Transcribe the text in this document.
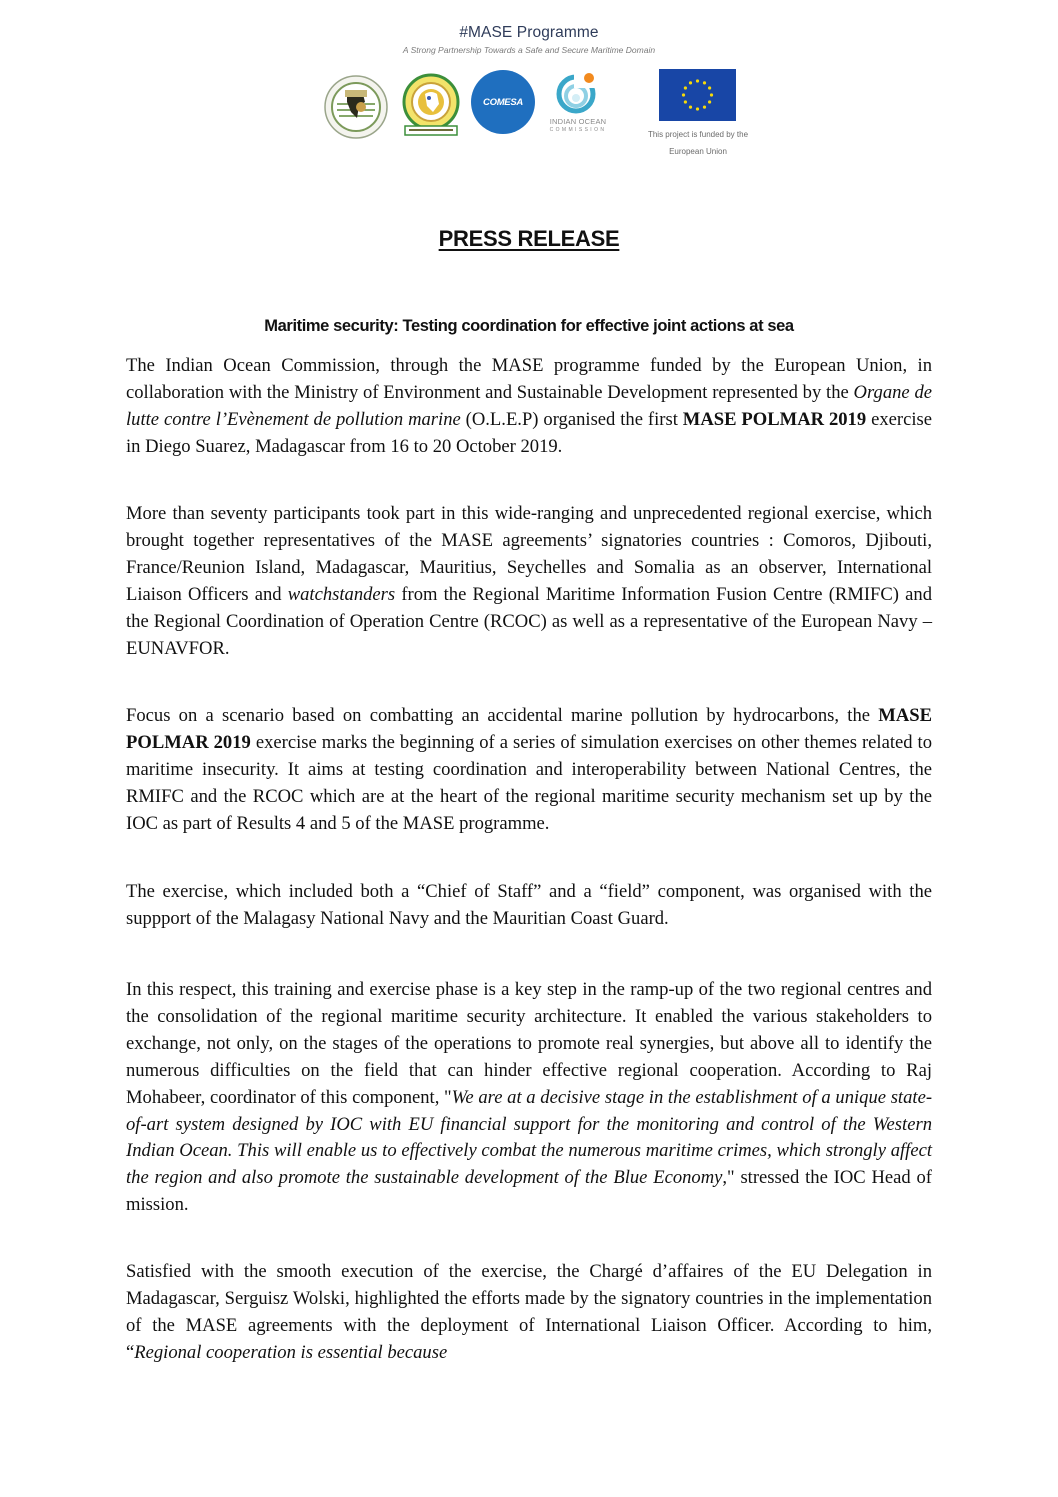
#MASE Programme
A Strong Partnership Towards a Safe and Secure Maritime Domain
COMESA
INDIAN OCEAN
COMMISSION	This project is funded by the
European Union
PRESS RELEASE
Maritime security: Testing coordination for effective joint actions at sea

The Indian Ocean Commission, through the MASE programme funded by the European Union, in collaboration with the Ministry of Environment and Sustainable Development represented by the Organe de lutte contre l’Evènement de pollution marine (O.L.E.P) organised the first MASE POLMAR 2019 exercise in Diego Suarez, Madagascar from 16 to 20 October 2019.

More than seventy participants took part in this wide-ranging and unprecedented regional exercise, which brought together representatives of the MASE agreements’ signatories countries : Comoros, Djibouti, France/Reunion Island, Madagascar, Mauritius, Seychelles and Somalia as an observer, International Liaison Officers and watchstanders from the Regional Maritime Information Fusion Centre (RMIFC) and the Regional Coordination of Operation Centre (RCOC) as well as a representative of the European Navy – EUNAVFOR.

Focus on a scenario based on combatting an accidental marine pollution by hydrocarbons, the MASE POLMAR 2019 exercise marks the beginning of a series of simulation exercises on other themes related to maritime insecurity. It aims at testing coordination and interoperability between National Centres, the RMIFC and the RCOC which are at the heart of the regional maritime security mechanism set up by the IOC as part of Results 4 and 5 of the MASE programme.

The exercise, which included both a “Chief of Staff” and a “field” component, was organised with the suppport of the Malagasy National Navy and the Mauritian Coast Guard.

In this respect, this training and exercise phase is a key step in the ramp-up of the two regional centres and the consolidation of the regional maritime security architecture. It enabled the various stakeholders to exchange, not only, on the stages of the operations to promote real synergies, but above all to identify the numerous difficulties on the field that can hinder effective regional cooperation. According to Raj Mohabeer, coordinator of this component, "We are at a decisive stage in the establishment of a unique state-of-art system designed by IOC with EU financial support for the monitoring and control of the Western Indian Ocean. This will enable us to effectively combat the numerous maritime crimes, which strongly affect the region and also promote the sustainable development of the Blue Economy," stressed the IOC Head of mission.

Satisfied with the smooth execution of the exercise, the Chargé d’affaires of the EU Delegation in Madagascar, Serguisz Wolski, highlighted the efforts made by the signatory countries in the implementation of the MASE agreements with the deployment of International Liaison Officer. According to him, “Regional cooperation is essential because
